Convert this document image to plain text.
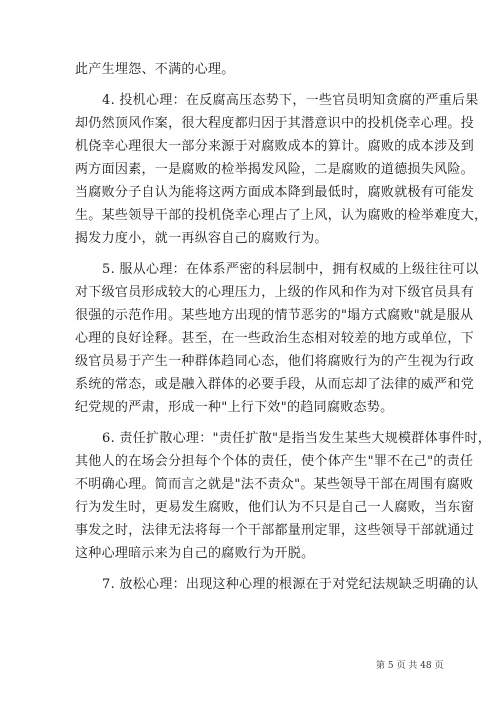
此产生埋怨、不满的心理。
4. 投机心理：在反腐高压态势下，一些官员明知贪腐的严重后果
却仍然顶风作案，很大程度都归因于其潜意识中的投机侥幸心理。投
机侥幸心理很大一部分来源于对腐败成本的算计。腐败的成本涉及到
两方面因素，一是腐败的检举揭发风险，二是腐败的道德损失风险。
当腐败分子自认为能将这两方面成本降到最低时，腐败就极有可能发
生。某些领导干部的投机侥幸心理占了上风，认为腐败的检举难度大，
揭发力度小，就一再纵容自己的腐败行为。
5. 服从心理：在体系严密的科层制中，拥有权威的上级往往可以
对下级官员形成较大的心理压力，上级的作风和作为对下级官员具有
很强的示范作用。某些地方出现的情节恶劣的"塌方式腐败"就是服从
心理的良好诠释。甚至，在一些政治生态相对较差的地方或单位，下
级官员易于产生一种群体趋同心态，他们将腐败行为的产生视为行政
系统的常态，或是融入群体的必要手段，从而忘却了法律的威严和党
纪党规的严肃，形成一种"上行下效"的趋同腐败态势。
6. 责任扩散心理："责任扩散"是指当发生某些大规模群体事件时，
其他人的在场会分担每个个体的责任，使个体产生"罪不在己"的责任
不明确心理。简而言之就是"法不责众"。某些领导干部在周围有腐败
行为发生时，更易发生腐败，他们认为不只是自己一人腐败，当东窗
事发之时，法律无法将每一个干部都量刑定罪，这些领导干部就通过
这种心理暗示来为自己的腐败行为开脱。
7. 放松心理：出现这种心理的根源在于对党纪法规缺乏明确的认
第 5 页 共 48 页
